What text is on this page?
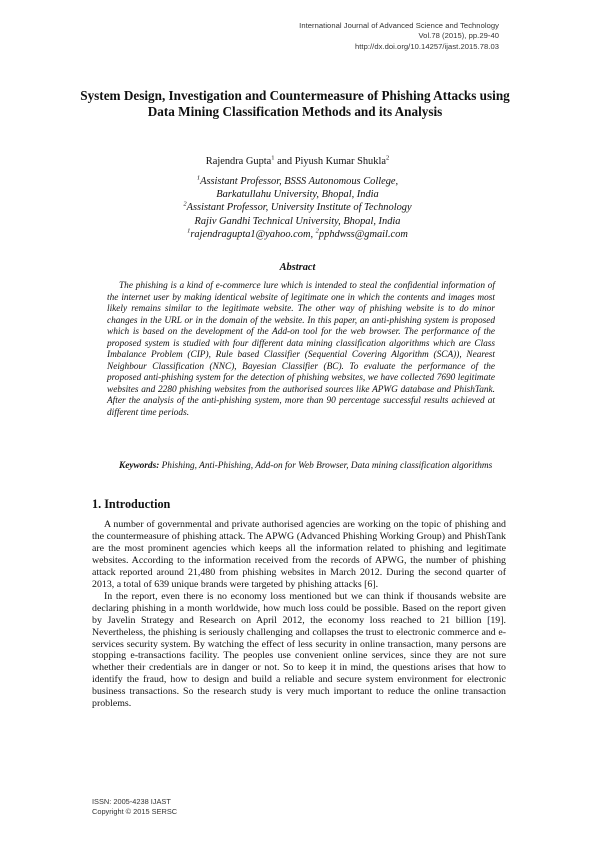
International Journal of Advanced Science and Technology
Vol.78 (2015), pp.29-40
http://dx.doi.org/10.14257/ijast.2015.78.03
System Design, Investigation and Countermeasure of Phishing Attacks using Data Mining Classification Methods and its Analysis
Rajendra Gupta$^1$ and Piyush Kumar Shukla$^2$
$^1$Assistant Professor, BSSS Autonomous College,
Barkatullahu University, Bhopal, India
$^2$Assistant Professor, University Institute of Technology
Rajiv Gandhi Technical University, Bhopal, India
$^1$rajendragupta1@yahoo.com, $^2$pphdwss@gmail.com
Abstract
The phishing is a kind of e-commerce lure which is intended to steal the confidential information of the internet user by making identical website of legitimate one in which the contents and images most likely remains similar to the legitimate website. The other way of phishing website is to do minor changes in the URL or in the domain of the website. In this paper, an anti-phishing system is proposed which is based on the development of the Add-on tool for the web browser. The performance of the proposed system is studied with four different data mining classification algorithms which are Class Imbalance Problem (CIP), Rule based Classifier (Sequential Covering Algorithm (SCA)), Nearest Neighbour Classification (NNC), Bayesian Classifier (BC). To evaluate the performance of the proposed anti-phishing system for the detection of phishing websites, we have collected 7690 legitimate websites and 2280 phishing websites from the authorised sources like APWG database and PhishTank. After the analysis of the anti-phishing system, more than 90 percentage successful results achieved at different time periods.
Keywords: Phishing, Anti-Phishing, Add-on for Web Browser, Data mining classification algorithms
1. Introduction

A number of governmental and private authorised agencies are working on the topic of phishing and the countermeasure of phishing attack. The APWG (Advanced Phishing Working Group) and PhishTank are the most prominent agencies which keeps all the information related to phishing and legitimate websites. According to the information received from the records of APWG, the number of phishing attack reported around 21,480 from phishing websites in March 2012. During the second quarter of 2013, a total of 639 unique brands were targeted by phishing attacks [6].

In the report, even there is no economy loss mentioned but we can think if thousands website are declaring phishing in a month worldwide, how much loss could be possible. Based on the report given by Javelin Strategy and Research on April 2012, the economy loss reached to 21 billion [19]. Nevertheless, the phishing is seriously challenging and collapses the trust to electronic commerce and e-services security system. By watching the effect of less security in online transaction, many persons are stopping e-transactions facility. The peoples use convenient online services, since they are not sure whether their credentials are in danger or not. So to keep it in mind, the questions arises that how to identify the fraud, how to design and build a reliable and secure system environment for electronic business transactions. So the research study is very much important to reduce the online transaction problems.

ISSN: 2005-4238 IJAST
Copyright © 2015 SERSC
